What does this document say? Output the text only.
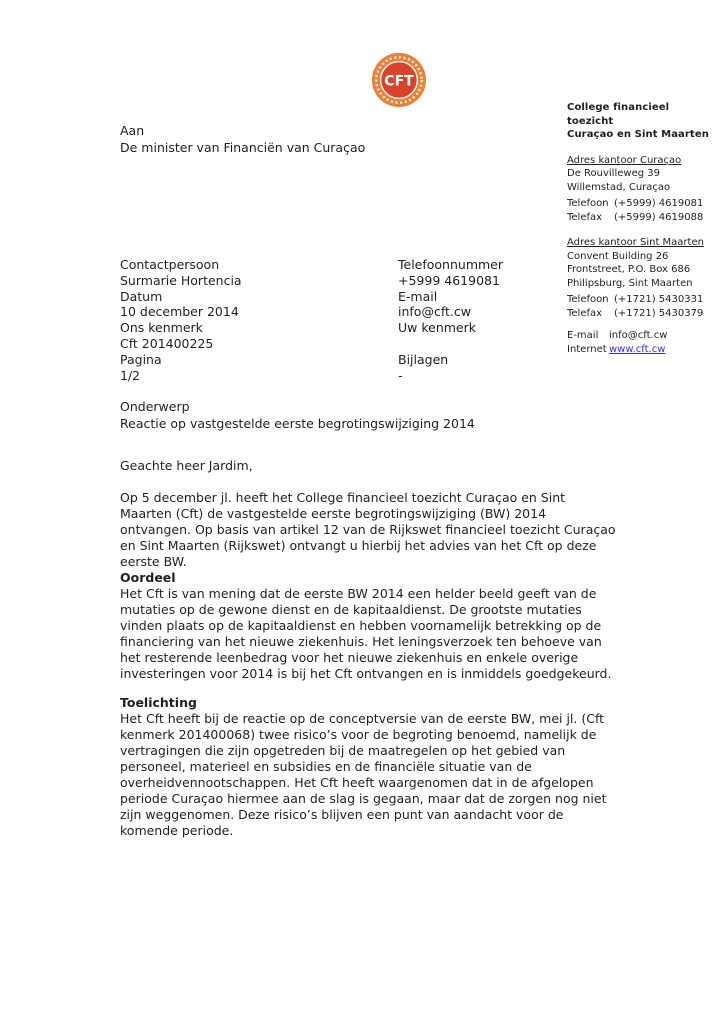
CFT
College financieel toezicht
Curaçao en Sint Maarten
Adres kantoor Curaçao
De Rouvilleweg 39
Willemstad, Curaçao
Telefoon (+5999) 4619081
Telefax (+5999) 4619088
Adres kantoor Sint Maarten
Convent Building 26
Frontstreet, P.O. Box 686
Philipsburg, Sint Maarten
Telefoon (+1721) 5430331
Telefax (+1721) 5430379
E-mail info@cft.cw
Internet www.cft.cw
Aan
De minister van Financiën van Curaçao
Contactpersoon
Surmarie Hortencia
Datum
10 december 2014
Ons kenmerk
Cft 201400225
Pagina
1/2
Telefoonnummer
+5999 4619081
E-mail
info@cft.cw
Uw kenmerk
Bijlagen
-
Onderwerp
Reactie op vastgestelde eerste begrotingswijziging 2014
Geachte heer Jardim,
Op 5 december jl. heeft het College financieel toezicht Curaçao en Sint Maarten (Cft) de vastgestelde eerste begrotingswijziging (BW) 2014 ontvangen. Op basis van artikel 12 van de Rijkswet financieel toezicht Curaçao en Sint Maarten (Rijkswet) ontvangt u hierbij het advies van het Cft op deze eerste BW.
Oordeel
Het Cft is van mening dat de eerste BW 2014 een helder beeld geeft van de mutaties op de gewone dienst en de kapitaaldienst. De grootste mutaties vinden plaats op de kapitaaldienst en hebben voornamelijk betrekking op de financiering van het nieuwe ziekenhuis. Het leningsverzoek ten behoeve van het resterende leenbedrag voor het nieuwe ziekenhuis en enkele overige investeringen voor 2014 is bij het Cft ontvangen en is inmiddels goedgekeurd.
Toelichting
Het Cft heeft bij de reactie op de conceptversie van de eerste BW, mei jl. (Cft kenmerk 201400068) twee risico’s voor de begroting benoemd, namelijk de vertragingen die zijn opgetreden bij de maatregelen op het gebied van personeel, materieel en subsidies en de financiële situatie van de overheidvennootschappen. Het Cft heeft waargenomen dat in de afgelopen periode Curaçao hiermee aan de slag is gegaan, maar dat de zorgen nog niet zijn weggenomen. Deze risico’s blijven een punt van aandacht voor de komende periode.
